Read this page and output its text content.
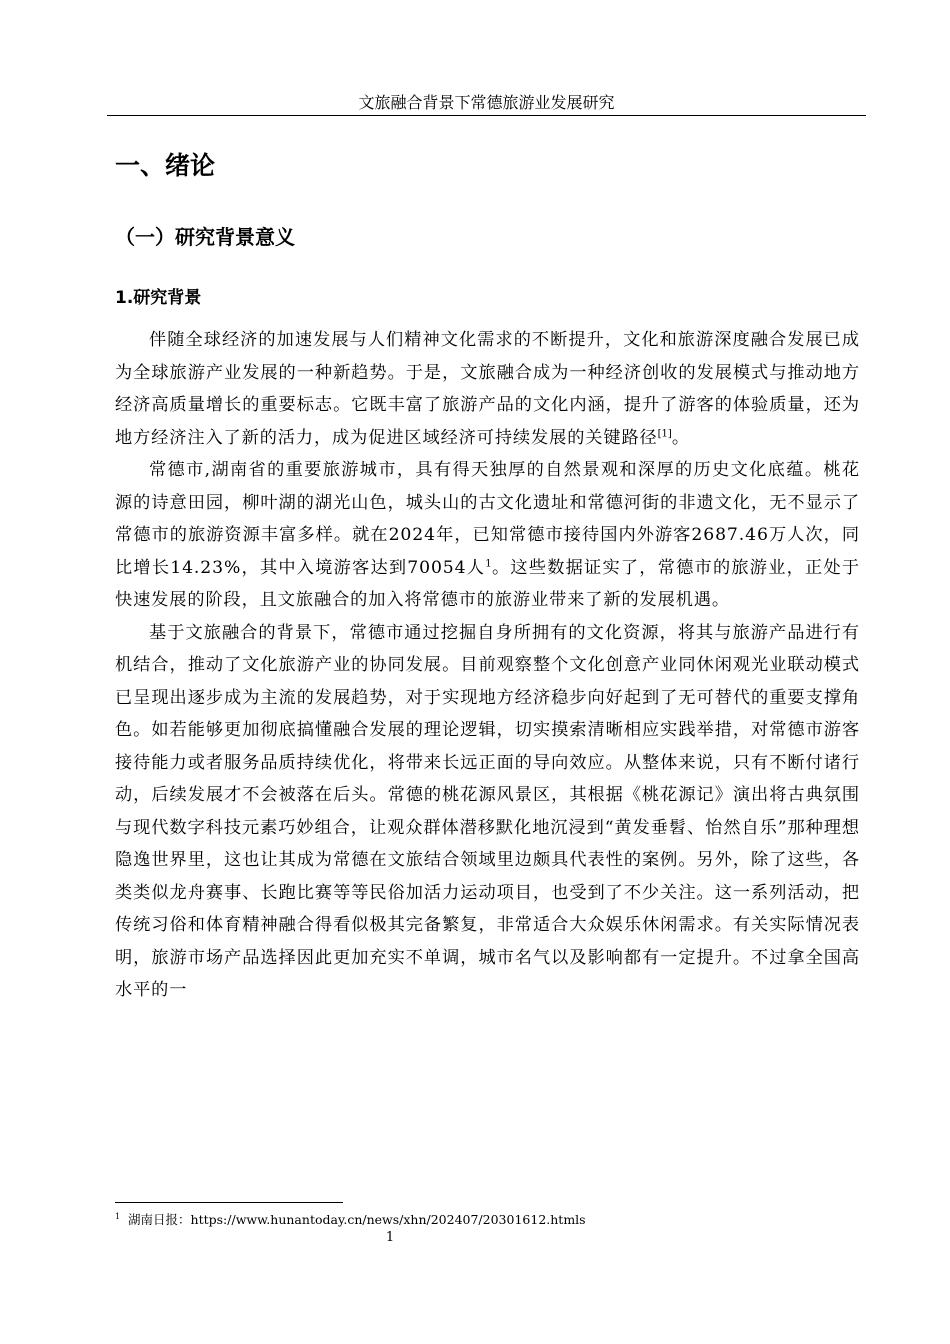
文旅融合背景下常德旅游业发展研究
一、绪论
（一）研究背景意义
1.研究背景

伴随全球经济的加速发展与人们精神文化需求的不断提升，文化和旅游深度融合发展已成为全球旅游产业发展的一种新趋势。于是，文旅融合成为一种经济创收的发展模式与推动地方经济高质量增长的重要标志。它既丰富了旅游产品的文化内涵，提升了游客的体验质量，还为地方经济注入了新的活力，成为促进区域经济可持续发展的关键路径[1]。

常德市,湖南省的重要旅游城市，具有得天独厚的自然景观和深厚的历史文化底蕴。桃花源的诗意田园，柳叶湖的湖光山色，城头山的古文化遗址和常德河街的非遗文化，无不显示了常德市的旅游资源丰富多样。就在2024年，已知常德市接待国内外游客2687.46万人次，同比增长14.23%，其中入境游客达到70054人$^1$。这些数据证实了，常德市的旅游业，正处于快速发展的阶段，且文旅融合的加入将常德市的旅游业带来了新的发展机遇。

基于文旅融合的背景下，常德市通过挖掘自身所拥有的文化资源，将其与旅游产品进行有机结合，推动了文化旅游产业的协同发展。目前观察整个文化创意产业同休闲观光业联动模式已呈现出逐步成为主流的发展趋势，对于实现地方经济稳步向好起到了无可替代的重要支撑角色。如若能够更加彻底搞懂融合发展的理论逻辑，切实摸索清晰相应实践举措，对常德市游客接待能力或者服务品质持续优化，将带来长远正面的导向效应。从整体来说，只有不断付诸行动，后续发展才不会被落在后头。常德的桃花源风景区，其根据《桃花源记》演出将古典氛围与现代数字科技元素巧妙组合，让观众群体潜移默化地沉浸到“黄发垂髫、怡然自乐”那种理想隐逸世界里，这也让其成为常德在文旅结合领域里边颇具代表性的案例。另外，除了这些，各类类似龙舟赛事、长跑比赛等等民俗加活力运动项目，也受到了不少关注。这一系列活动，把传统习俗和体育精神融合得看似极其完备繁复，非常适合大众娱乐休闲需求。有关实际情况表明，旅游市场产品选择因此更加充实不单调，城市名气以及影响都有一定提升。不过拿全国高水平的一

$^1$ 湖南日报：https://www.hunantoday.cn/news/xhn/202407/20301612.htmls
1
